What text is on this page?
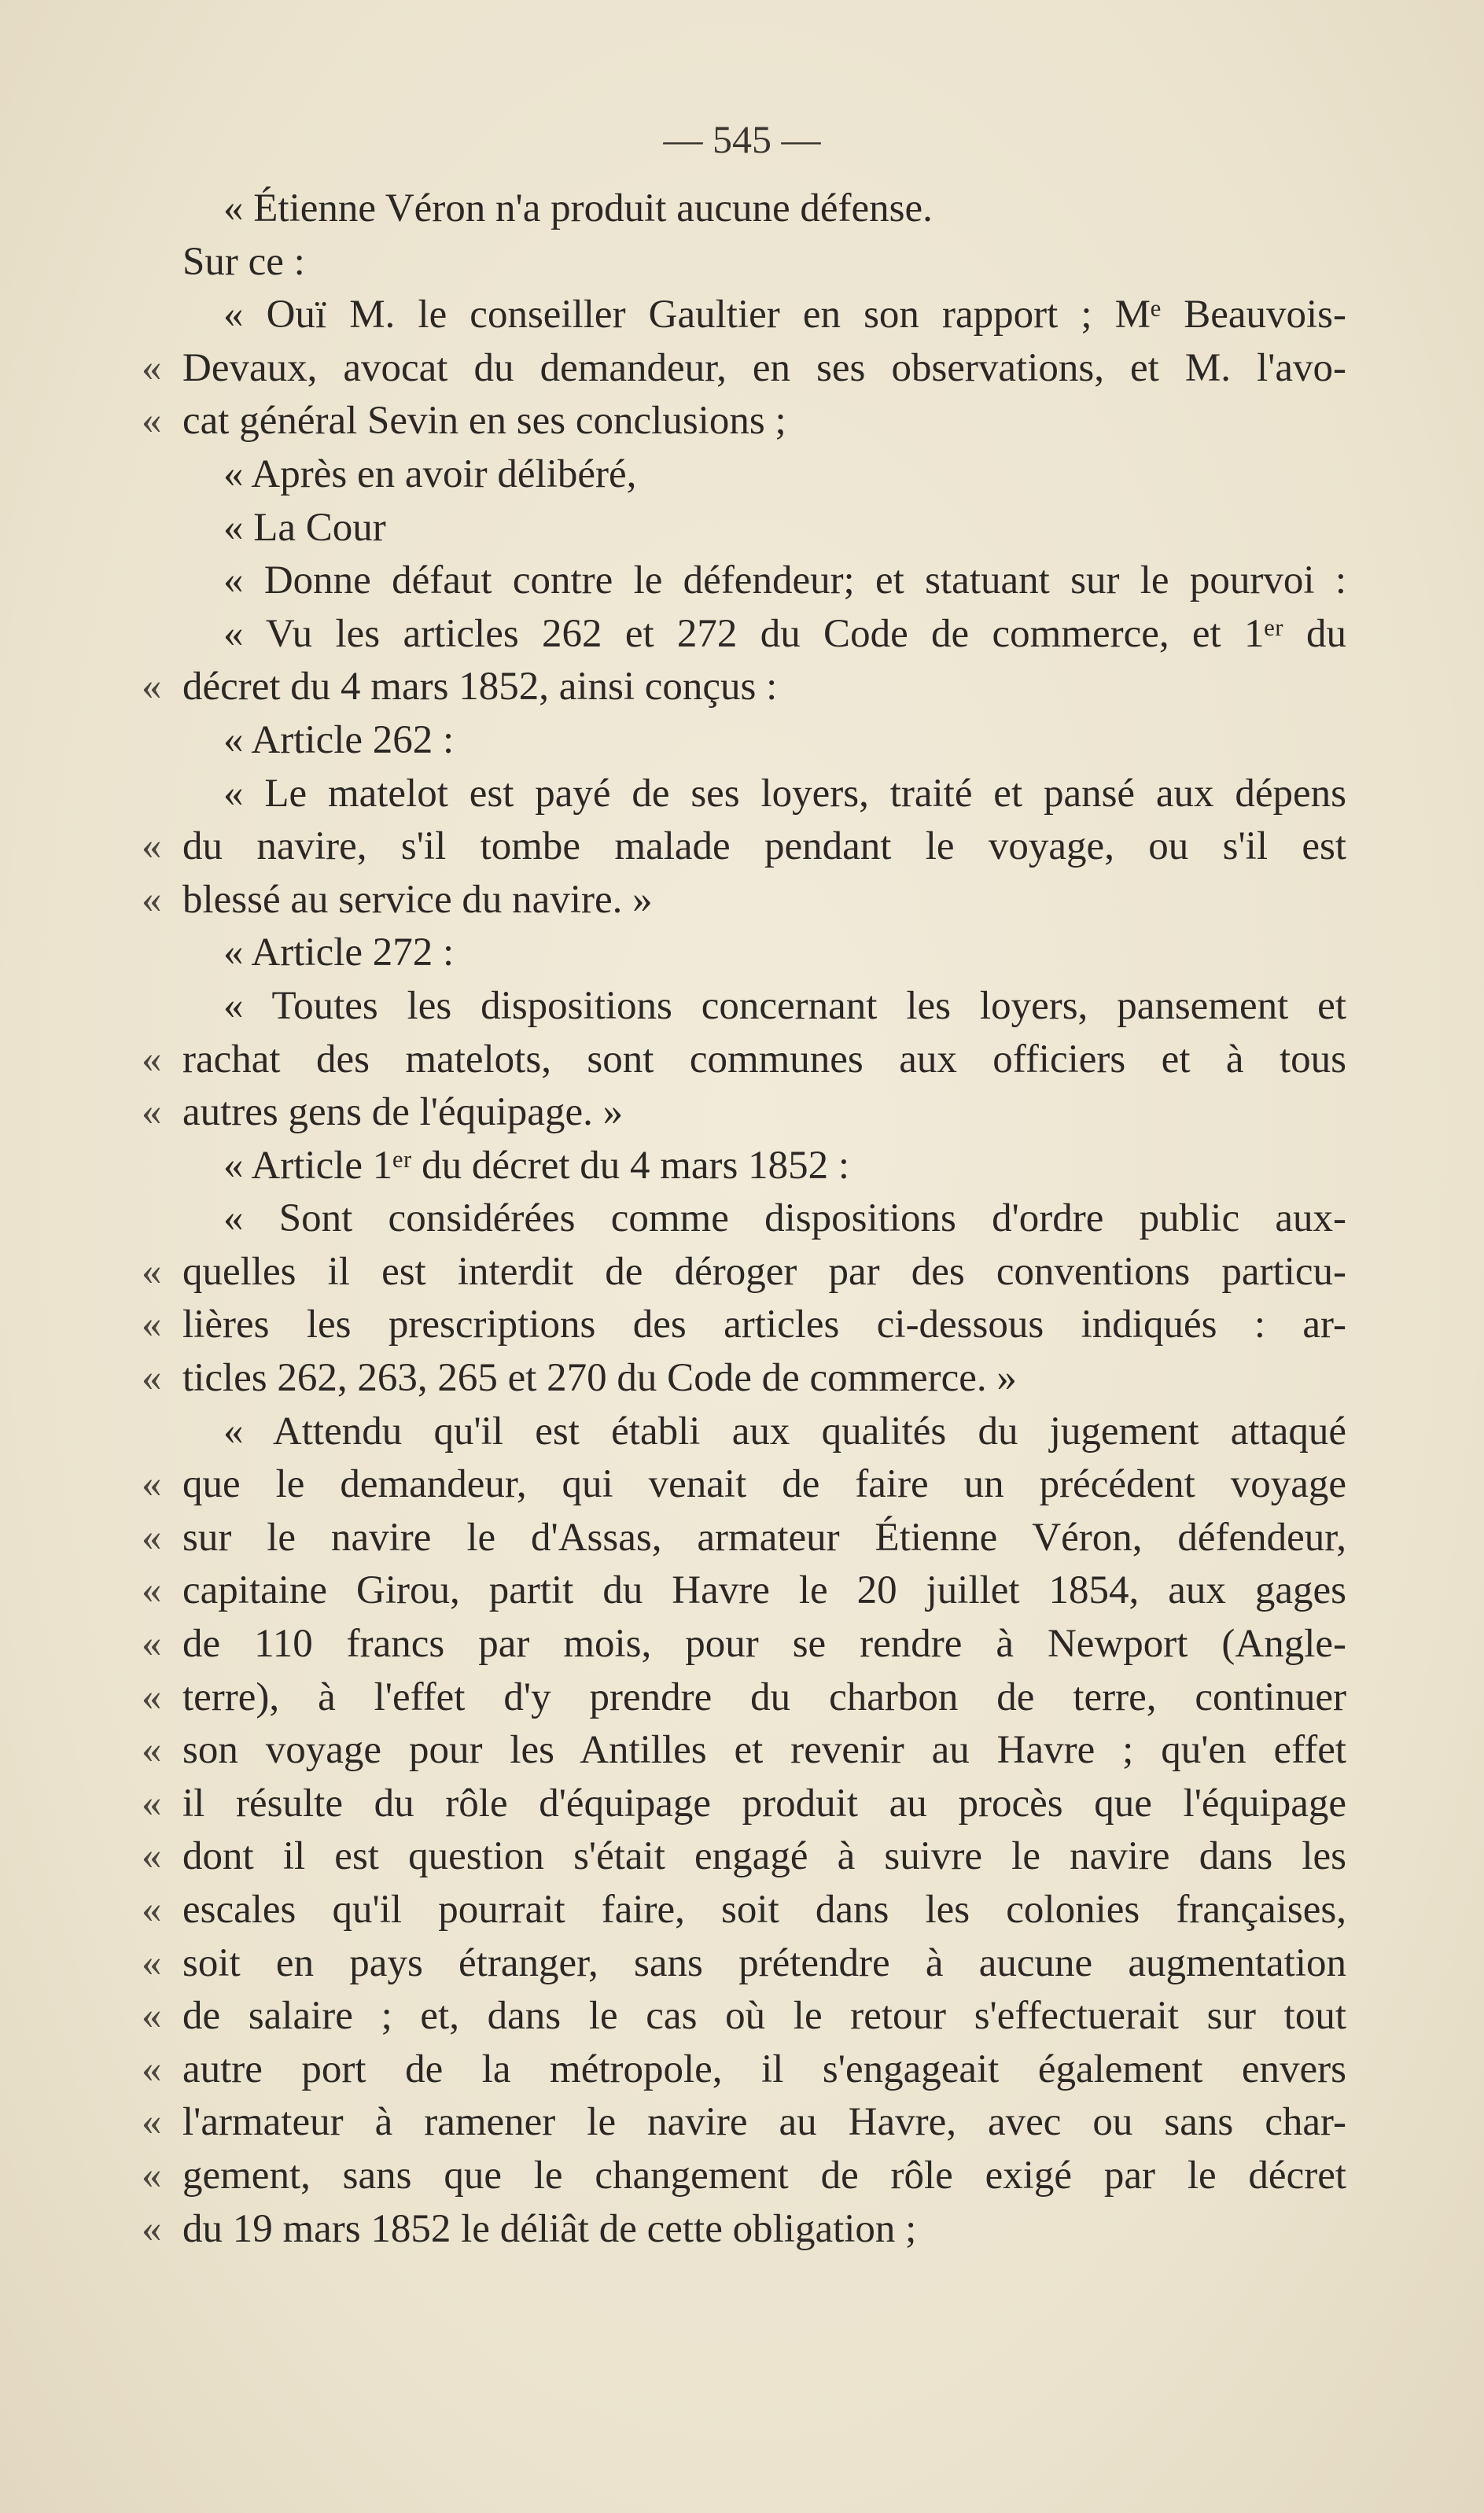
— 545 —
« Étienne Véron n'a produit aucune défense.
Sur ce :
« Ouï M. le conseiller Gaultier en son rapport ; Mᵉ Beauvois-
« Devaux, avocat du demandeur, en ses observations, et M. l'avo-
« cat général Sevin en ses conclusions ;
« Après en avoir délibéré,
« La Cour
« Donne défaut contre le défendeur; et statuant sur le pourvoi :
« Vu les articles 262 et 272 du Code de commerce, et 1ᵉʳ du
« décret du 4 mars 1852, ainsi conçus :
« Article 262 :
« Le matelot est payé de ses loyers, traité et pansé aux dépens
« du navire, s'il tombe malade pendant le voyage, ou s'il est
« blessé au service du navire. »
« Article 272 :
« Toutes les dispositions concernant les loyers, pansement et
« rachat des matelots, sont communes aux officiers et à tous
« autres gens de l'équipage. »
« Article 1ᵉʳ du décret du 4 mars 1852 :
« Sont considérées comme dispositions d'ordre public aux-
« quelles il est interdit de déroger par des conventions particu-
« lières les prescriptions des articles ci-dessous indiqués : ar-
« ticles 262, 263, 265 et 270 du Code de commerce. »
« Attendu qu'il est établi aux qualités du jugement attaqué
« que le demandeur, qui venait de faire un précédent voyage
« sur le navire le d'Assas, armateur Étienne Véron, défendeur,
« capitaine Girou, partit du Havre le 20 juillet 1854, aux gages
« de 110 francs par mois, pour se rendre à Newport (Angle-
« terre), à l'effet d'y prendre du charbon de terre, continuer
« son voyage pour les Antilles et revenir au Havre ; qu'en effet
« il résulte du rôle d'équipage produit au procès que l'équipage
« dont il est question s'était engagé à suivre le navire dans les
« escales qu'il pourrait faire, soit dans les colonies françaises,
« soit en pays étranger, sans prétendre à aucune augmentation
« de salaire ; et, dans le cas où le retour s'effectuerait sur tout
« autre port de la métropole, il s'engageait également envers
« l'armateur à ramener le navire au Havre, avec ou sans char-
« gement, sans que le changement de rôle exigé par le décret
« du 19 mars 1852 le déliât de cette obligation ;
